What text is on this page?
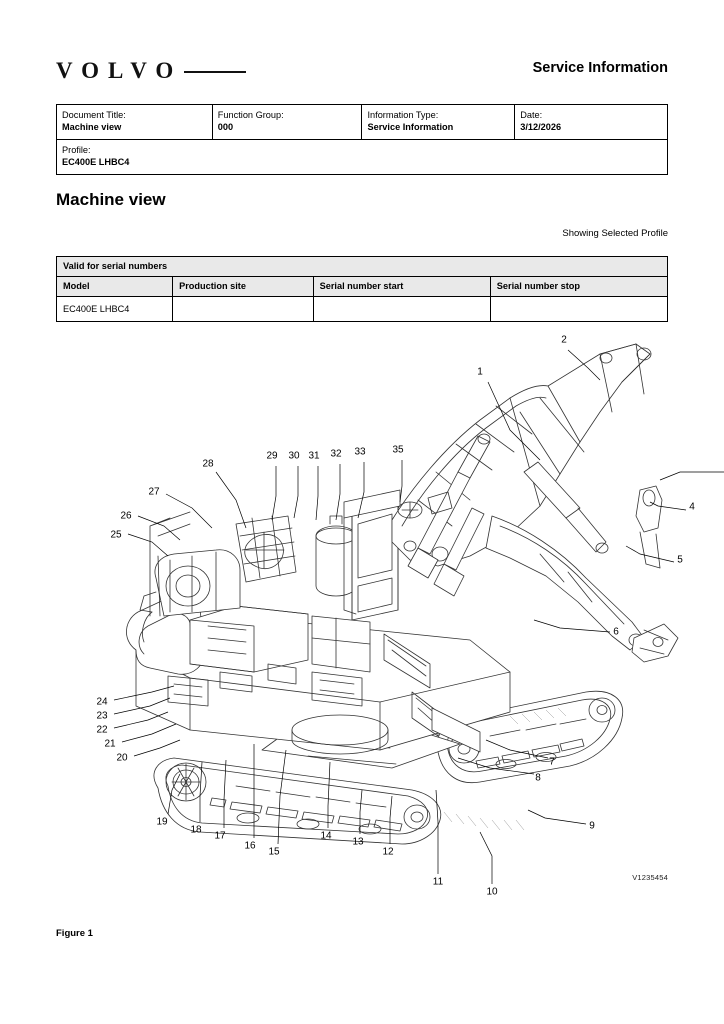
VOLVO	Service Information
Document Title:
Machine view

Function Group:
000

Information Type:
Service Information

Date:
3/12/2026

Profile:
EC400E LHBC4
Machine view
Showing Selected Profile
Valid for serial numbers			
Model	Production site	Serial number start	Serial number stop
EC400E LHBC4			
1
2
4
5
6
7
8
9
10
11
12
13
14
15
16
17
18
19
20
21
22
23
24
25
26
27
28
29 30 31 32 33	35
V1235454
Figure 1
